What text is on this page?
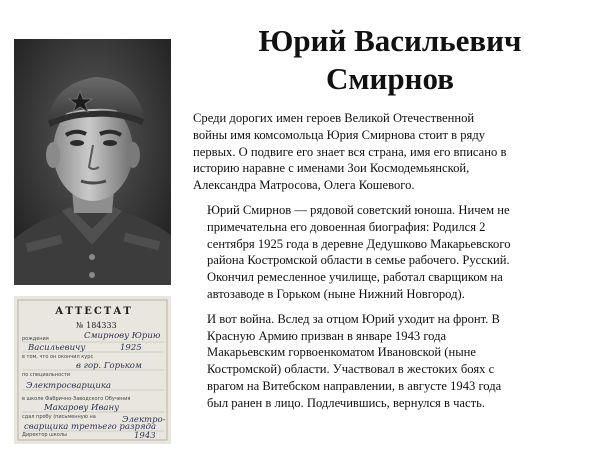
АТТЕСТАТ
№ 184333
рождения
в том, что он окончил курс
по специальности
в школе Фабрично-Заводского Обучения
сдал пробу (письменную на
Директор школы
Смирнову Юрию
Васильевичу	1925
в гор. Горьком
Электросварщика
Макарову Ивану
Электро-
сварщика третьего разряда
1943
Юрий Васильевич
Смирнов

Среди дорогих имен героев Великой Отечественной
войны имя комсомольца Юрия Смирнова стоит в ряду
первых. О подвиге его знает вся страна, имя его вписано в
историю наравне с именами Зои Космодемьянской,
Александра Матросова, Олега Кошевого.

Юрий Смирнов — рядовой советский юноша. Ничем не
примечательна его довоенная биография: Родился 2
сентября 1925 года в деревне Дедушково Макарьевского
района Костромской области в семье рабочего. Русский.
Окончил ремесленное училище, работал сварщиком на
автозаводе в Горьком (ныне Нижний Новгород).

И вот война. Вслед за отцом Юрий уходит на фронт. В
Красную Армию призван в январе 1943 года
Макарьевским горвоенкоматом Ивановской (ныне
Костромской) области. Участвовал в жестоких боях с
врагом на Витебском направлении, в августе 1943 года
был ранен в лицо. Подлечившись, вернулся в часть.
